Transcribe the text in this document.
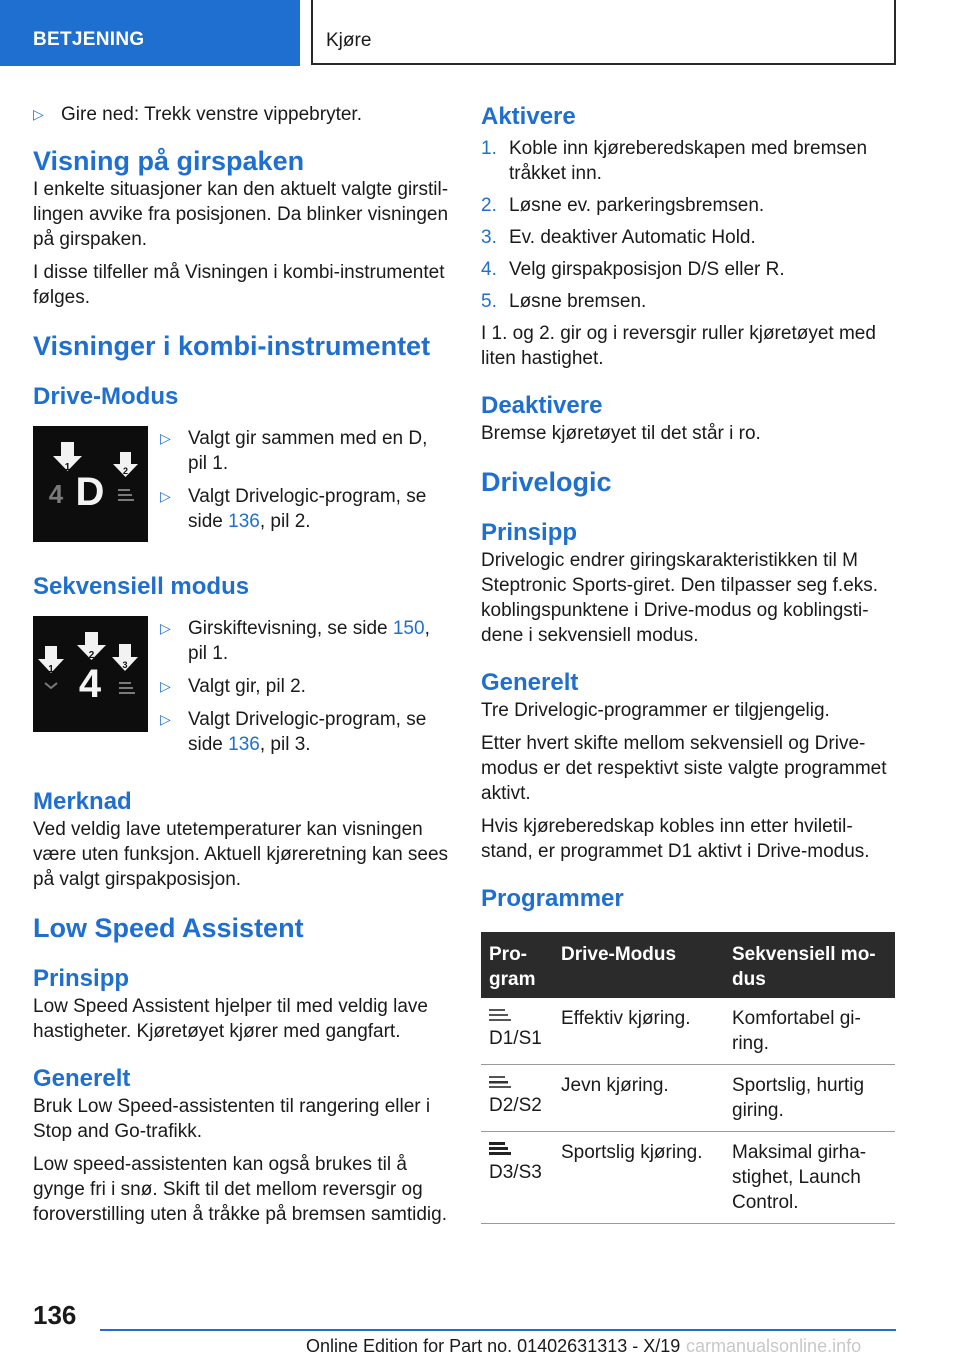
BETJENING	Kjøre
▷ Gire ned: Trekk venstre vippebryter.
Visning på girspaken
I enkelte situasjoner kan den aktuelt valgte girstil-lingen avvike fra posisjonen. Da blinker visningen på girspaken.
I disse tilfeller må Visningen i kombi-instrumentet følges.
Visninger i kombi-instrumentet
Drive-Modus
1	2
4 D
▷ Valgt gir sammen med en D, pil 1.
▷ Valgt Drivelogic-program, se side 136, pil 2.
Sekvensiell modus
1
2
4 3
▷ Girskiftevisning, se side 150, pil 1.
▷ Valgt gir, pil 2.
▷ Valgt Drivelogic-program, se side 136, pil 3.
Merknad
Ved veldig lave utetemperaturer kan visningen være uten funksjon. Aktuell kjøreretning kan sees på valgt girspakposisjon.
Low Speed Assistent
Prinsipp
Low Speed Assistent hjelper til med veldig lave hastigheter. Kjøretøyet kjører med gangfart.
Generelt
Bruk Low Speed-assistenten til rangering eller i Stop and Go-trafikk.
Low speed-assistenten kan også brukes til å gynge fri i snø. Skift til det mellom reversgir og foroverstilling uten å tråkke på bremsen samtidig.
Aktivere
1. Koble inn kjøreberedskapen med bremsen tråkket inn.
2. Løsne ev. parkeringsbremsen.
3. Ev. deaktiver Automatic Hold.
4. Velg girspakposisjon D/S eller R.
5. Løsne bremsen.
I 1. og 2. gir og i reversgir ruller kjøretøyet med liten hastighet.
Deaktivere
Bremse kjøretøyet til det står i ro.
Drivelogic
Prinsipp
Drivelogic endrer giringskarakteristikken til M Steptronic Sports-giret. Den tilpasser seg f.eks. koblingspunktene i Drive-modus og koblingsti-dene i sekvensiell modus.
Generelt
Tre Drivelogic-programmer er tilgjengelig.
Etter hvert skifte mellom sekvensiell og Drive-modus er det respektivt siste valgte programmet aktivt.
Hvis kjøreberedskap kobles inn etter hviletil-stand, er programmet D1 aktivt i Drive-modus.
Programmer
Pro-gram	Drive-Modus	Sekvensiell mo-dus

D1/S1	Effektiv kjøring.	Komfortabel gi-ring.

D2/S2	Jevn kjøring.	Sportslig, hurtig giring.

D3/S3	Sportslig kjøring.	Maksimal girha-stighet, Launch Control.
136
Online Edition for Part no. 01402631313 - X/19 carmanualsonline.info
